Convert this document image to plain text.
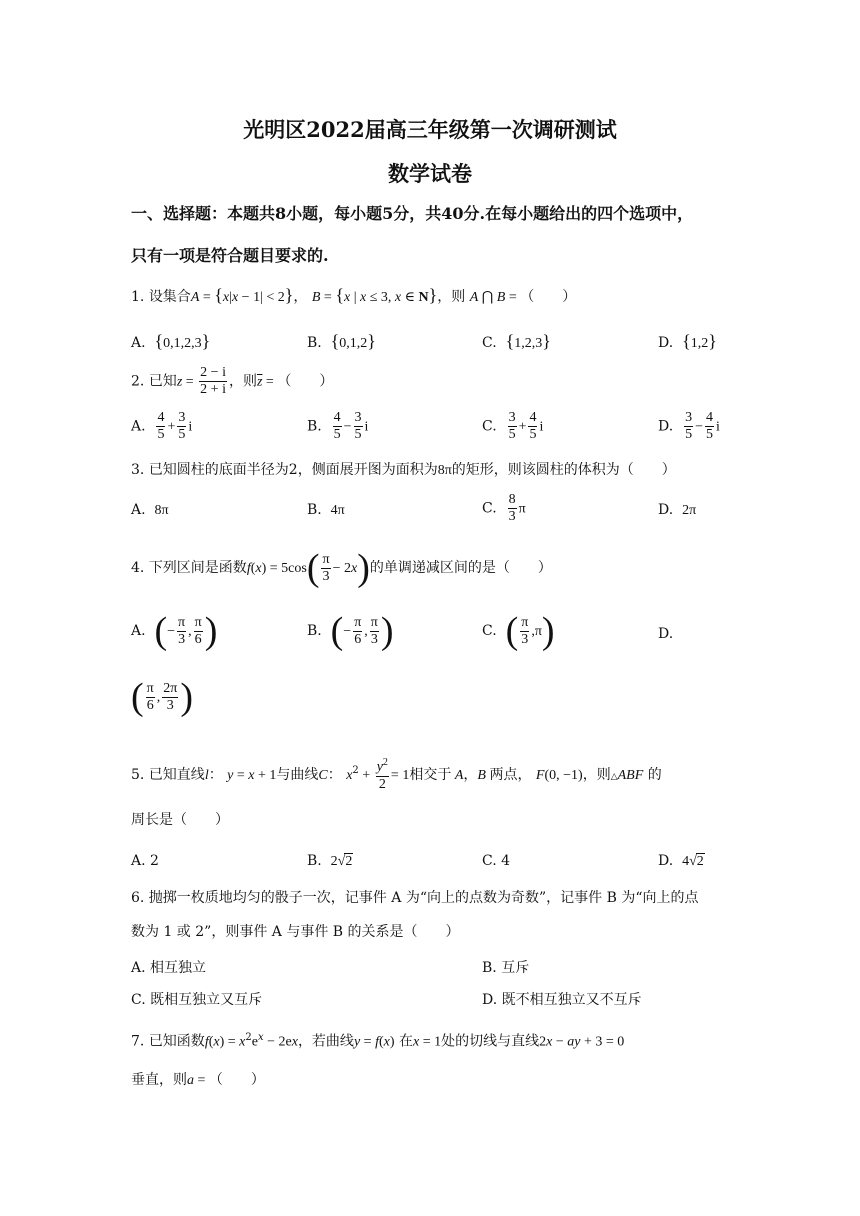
光明区2022届高三年级第一次调研测试
数学试卷
一、选择题：本题共8小题，每小题5分，共40分.在每小题给出的四个选项中，
只有一项是符合题目要求的.
1. 设集合A = {x|x − 1| < 2}， B = {x | x ≤ 3, x ∈ N}，则 A ⋂ B = （　　）
A. {0,1,2,3}	B. {0,1,2}	C. {1,2,3}	D. {1,2}
2. 已知$z = \frac{2 - i}{2 + i}$ ，则$\overline{z}$ = （　　）
A. $\frac{4}{5} + \frac{3}{5}$ i	B. $\frac{4}{5} - \frac{3}{5}$ i	C. $\frac{3}{5} + \frac{4}{5}$ i	D. $\frac{3}{5} - \frac{4}{5}$ i
3. 已知圆柱的底面半径为2，侧面展开图为面积为8π的矩形，则该圆柱的体积为（　　）
A.  8π	B.  4π	C. $\frac{8}{3}$ π	D.  2π
4. 下列区间是函数$f(x) = 5\cos( \frac{\pi}{3} - 2x)$的单调递减区间的是（　　）
A.  (− $\frac{\pi}{3}$ , $\frac{\pi}{6}$ )	B.  (− $\frac{\pi}{6}$ , $\frac{\pi}{3}$ )	C.  ( $\frac{\pi}{3} ,\pi$)	D.
( $\frac{\pi}{6}$ , $\frac{2\pi}{3}$ )
5. 已知直线l： y = x + 1与曲线C： $x^2 + \frac{y^2}{2} = 1$相交于 A，B 两点， F(0, −1)，则△ABF 的
周长是（　　）
A. 2	B. 2√2	C. 4	D. 4√2
6. 抛掷一枚质地均匀的骰子一次，记事件 A 为“向上的点数为奇数”，记事件 B 为“向上的点
数为 1 或 2”，则事件 A 与事件 B 的关系是（　　）
A. 相互独立	B. 互斥
C. 既相互独立又互斥	D. 既不相互独立又不互斥
7. 已知函数$f(x) = x^2e^x - 2ex$，若曲线y = f(x) 在x = 1处的切线与直线2x − ay + 3 = 0
垂直，则a = （　　）
